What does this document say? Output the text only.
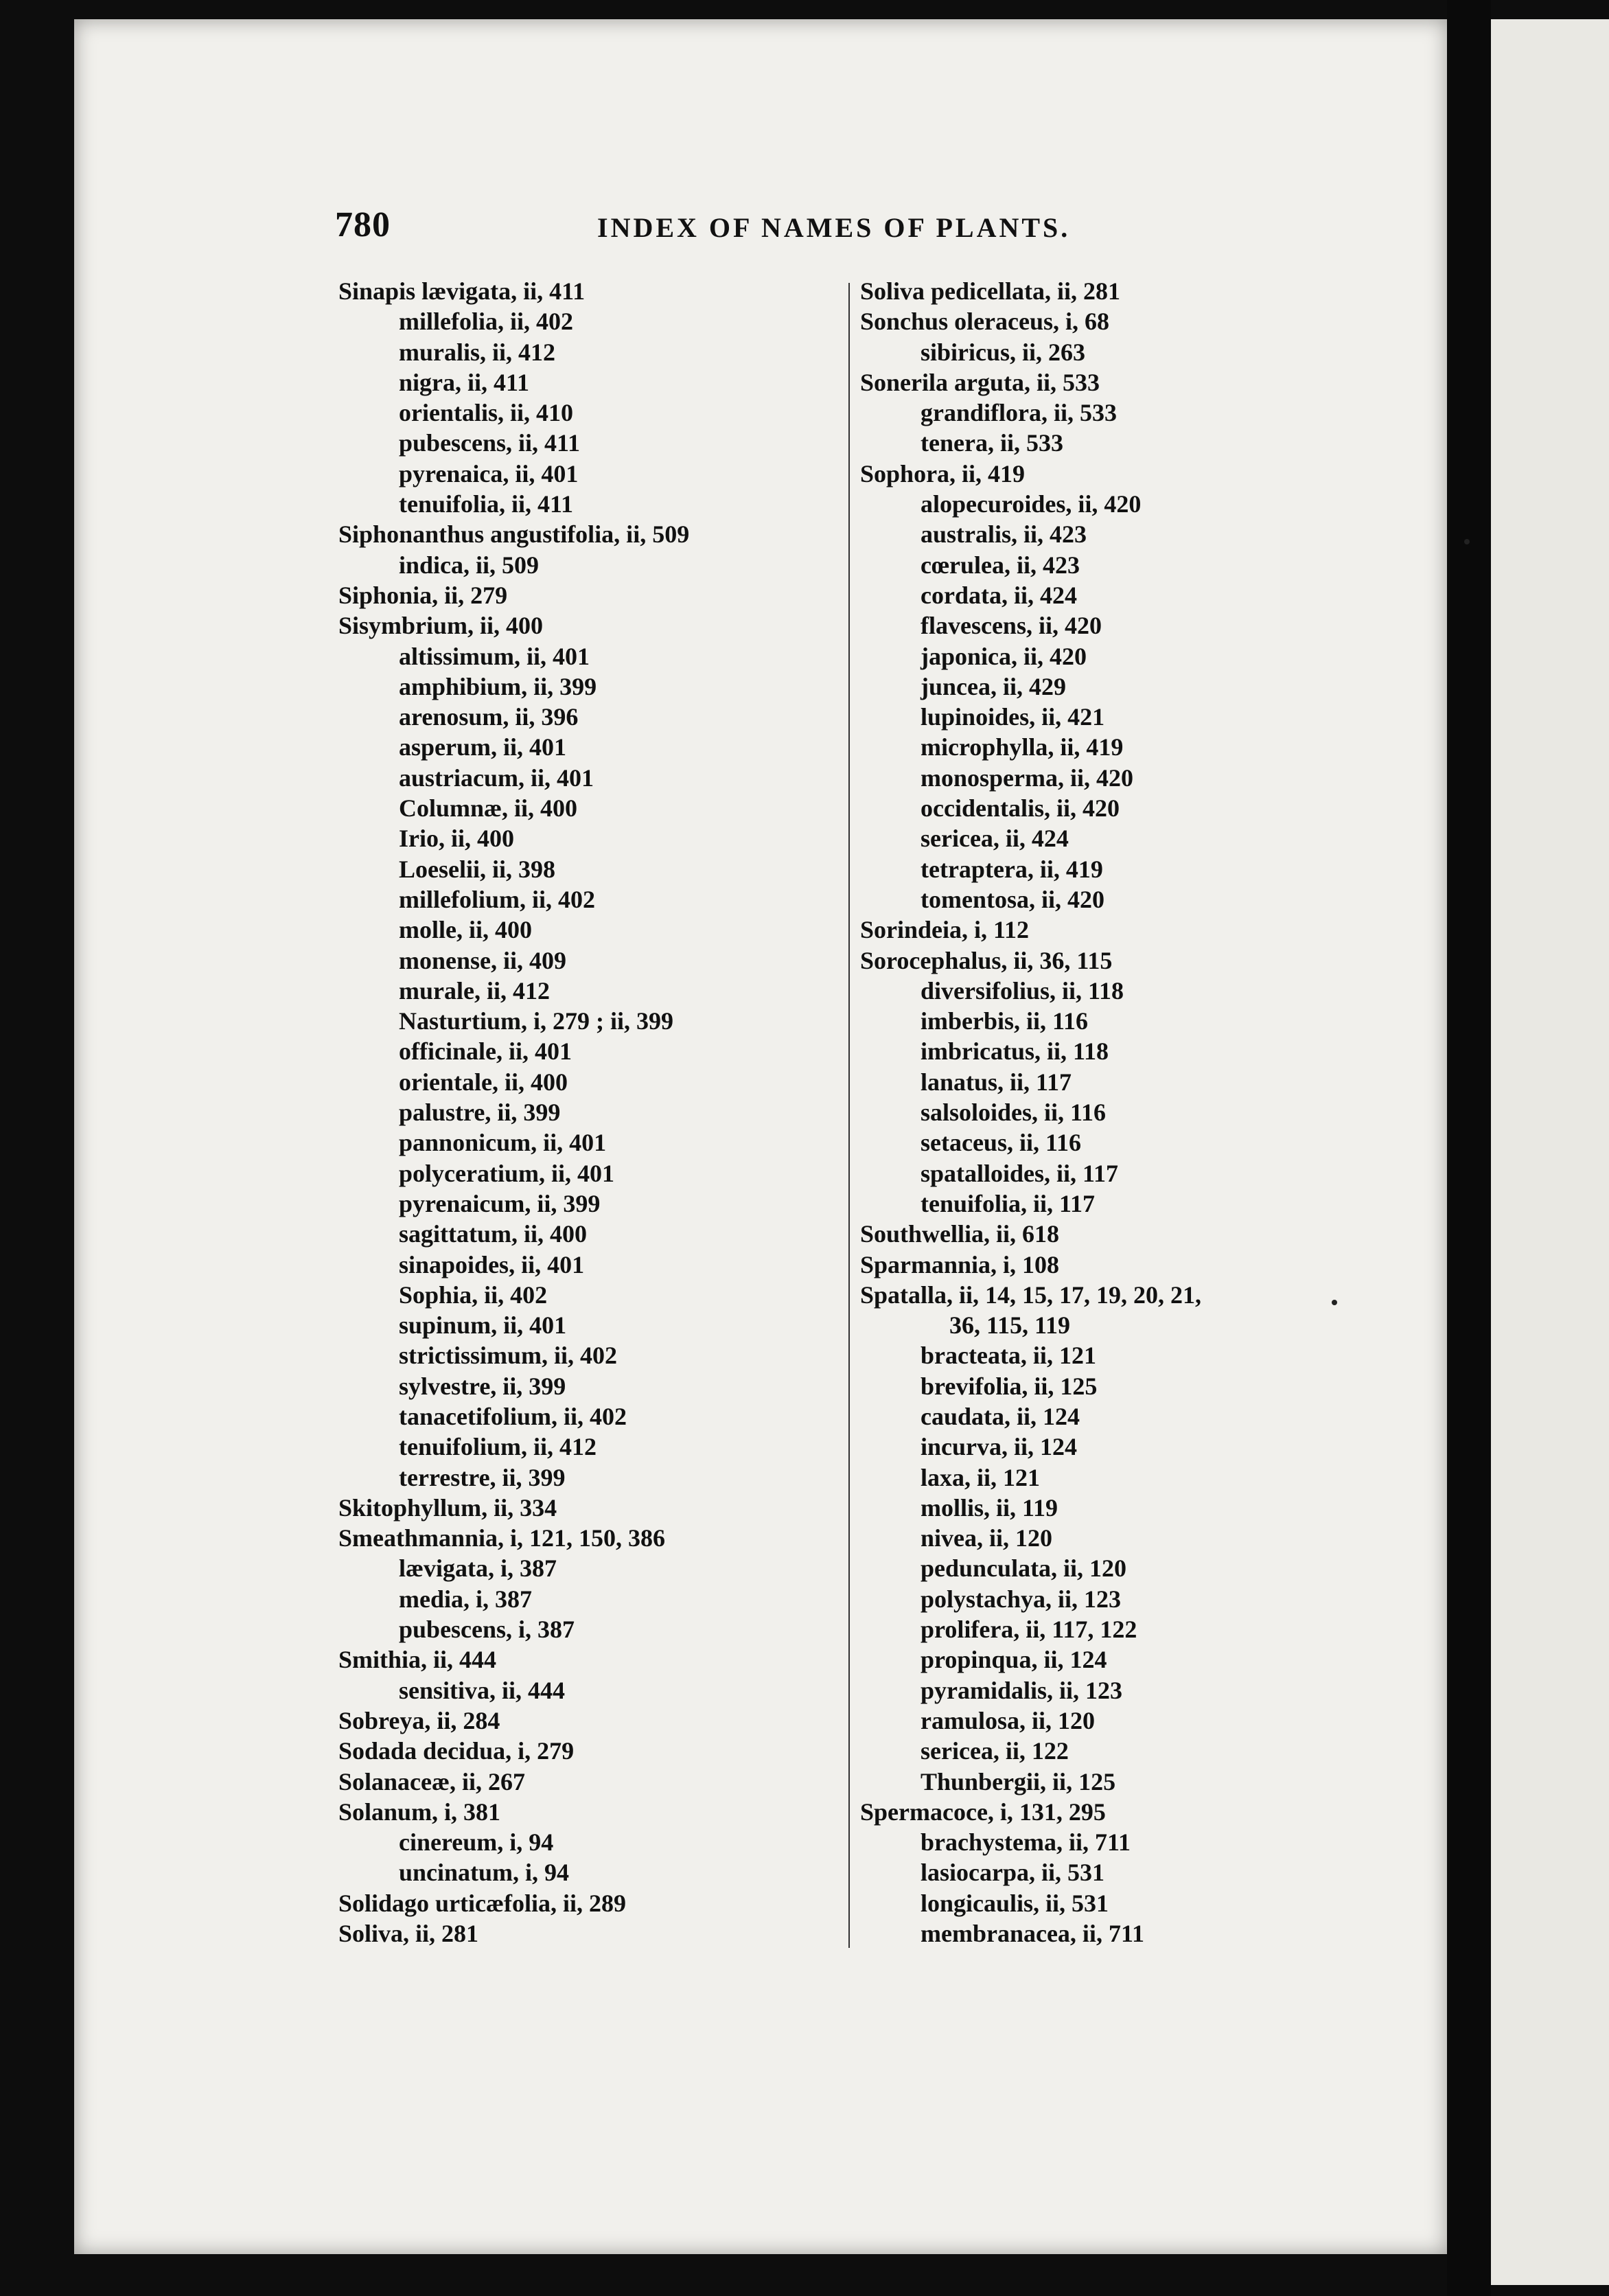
780	INDEX OF NAMES OF PLANTS.
Sinapis lævigata, ii, 411
millefolia, ii, 402
muralis, ii, 412
nigra, ii, 411
orientalis, ii, 410
pubescens, ii, 411
pyrenaica, ii, 401
tenuifolia, ii, 411
Siphonanthus angustifolia, ii, 509
indica, ii, 509
Siphonia, ii, 279
Sisymbrium, ii, 400
altissimum, ii, 401
amphibium, ii, 399
arenosum, ii, 396
asperum, ii, 401
austriacum, ii, 401
Columnæ, ii, 400
Irio, ii, 400
Loeselii, ii, 398
millefolium, ii, 402
molle, ii, 400
monense, ii, 409
murale, ii, 412
Nasturtium, i, 279 ; ii, 399
officinale, ii, 401
orientale, ii, 400
palustre, ii, 399
pannonicum, ii, 401
polyceratium, ii, 401
pyrenaicum, ii, 399
sagittatum, ii, 400
sinapoides, ii, 401
Sophia, ii, 402
supinum, ii, 401
strictissimum, ii, 402
sylvestre, ii, 399
tanacetifolium, ii, 402
tenuifolium, ii, 412
terrestre, ii, 399
Skitophyllum, ii, 334
Smeathmannia, i, 121, 150, 386
lævigata, i, 387
media, i, 387
pubescens, i, 387
Smithia, ii, 444
sensitiva, ii, 444
Sobreya, ii, 284
Sodada decidua, i, 279
Solanaceæ, ii, 267
Solanum, i, 381
cinereum, i, 94
uncinatum, i, 94
Solidago urticæfolia, ii, 289
Soliva, ii, 281
Soliva pedicellata, ii, 281
Sonchus oleraceus, i, 68
sibiricus, ii, 263
Sonerila arguta, ii, 533
grandiflora, ii, 533
tenera, ii, 533
Sophora, ii, 419
alopecuroides, ii, 420
australis, ii, 423
cœrulea, ii, 423
cordata, ii, 424
flavescens, ii, 420
japonica, ii, 420
juncea, ii, 429
lupinoides, ii, 421
microphylla, ii, 419
monosperma, ii, 420
occidentalis, ii, 420
sericea, ii, 424
tetraptera, ii, 419
tomentosa, ii, 420
Sorindeia, i, 112
Sorocephalus, ii, 36, 115
diversifolius, ii, 118
imberbis, ii, 116
imbricatus, ii, 118
lanatus, ii, 117
salsoloides, ii, 116
setaceus, ii, 116
spatalloides, ii, 117
tenuifolia, ii, 117
Southwellia, ii, 618
Sparmannia, i, 108
Spatalla, ii, 14, 15, 17, 19, 20, 21,
36, 115, 119
bracteata, ii, 121
brevifolia, ii, 125
caudata, ii, 124
incurva, ii, 124
laxa, ii, 121
mollis, ii, 119
nivea, ii, 120
pedunculata, ii, 120
polystachya, ii, 123
prolifera, ii, 117, 122
propinqua, ii, 124
pyramidalis, ii, 123
ramulosa, ii, 120
sericea, ii, 122
Thunbergii, ii, 125
Spermacoce, i, 131, 295
brachystema, ii, 711
lasiocarpa, ii, 531
longicaulis, ii, 531
membranacea, ii, 711
